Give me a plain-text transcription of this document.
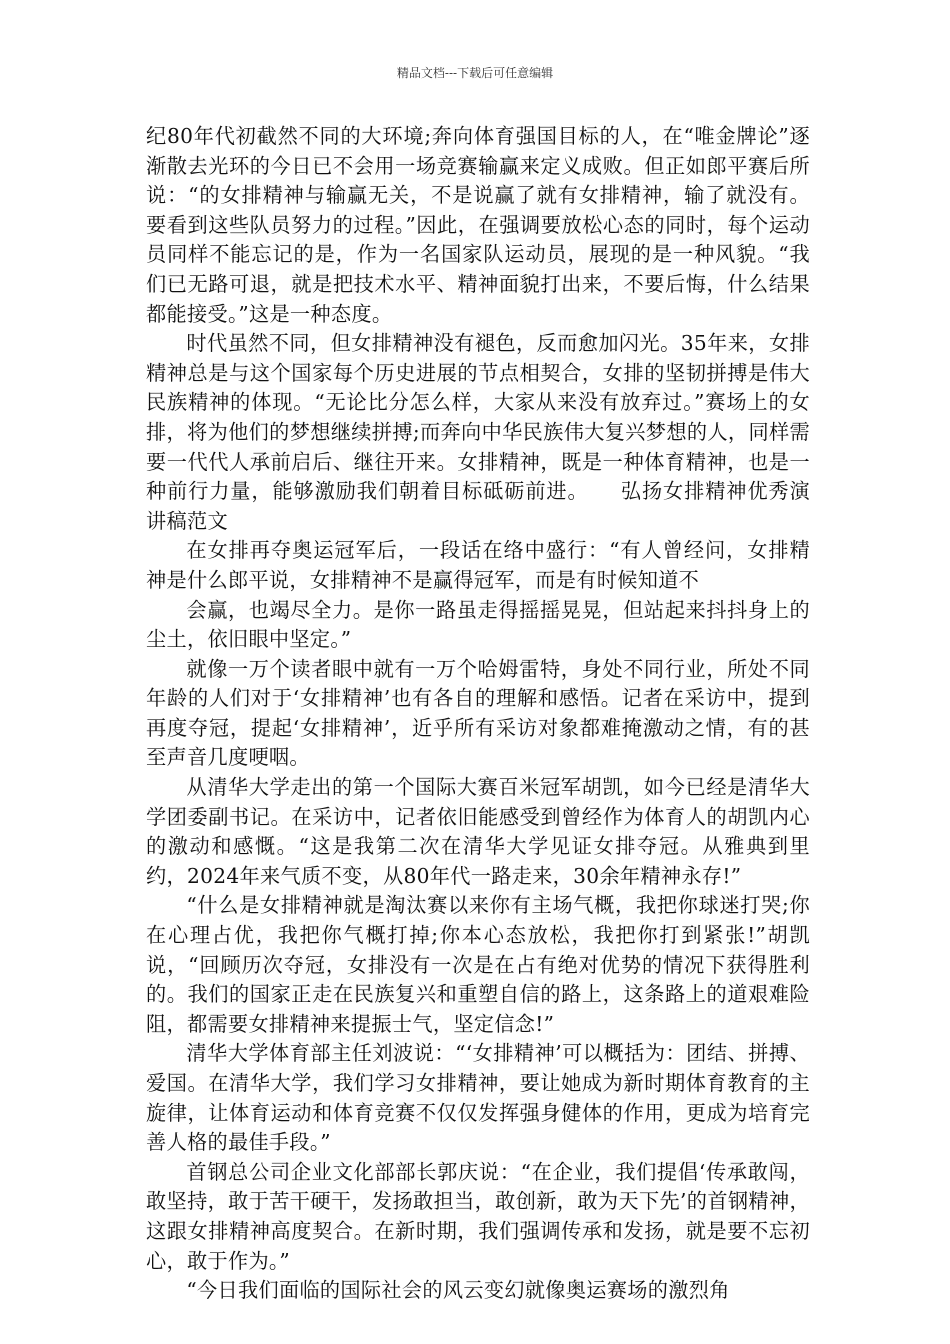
精品文档---下载后可任意编辑

纪80年代初截然不同的大环境;奔向体育强国目标的人，在“唯金牌论”逐渐散去光环的今日已不会用一场竞赛输赢来定义成败。但正如郎平赛后所说：“的女排精神与输赢无关，不是说赢了就有女排精神，输了就没有。要看到这些队员努力的过程。”因此，在强调要放松心态的同时，每个运动员同样不能忘记的是，作为一名国家队运动员，展现的是一种风貌。“我们已无路可退，就是把技术水平、精神面貌打出来，不要后悔，什么结果都能接受。”这是一种态度。

时代虽然不同，但女排精神没有褪色，反而愈加闪光。35年来，女排精神总是与这个国家每个历史进展的节点相契合，女排的坚韧拼搏是伟大民族精神的体现。“无论比分怎么样，大家从来没有放弃过。”赛场上的女排，将为他们的梦想继续拼搏;而奔向中华民族伟大复兴梦想的人，同样需要一代代人承前启后、继往开来。女排精神，既是一种体育精神，也是一种前行力量，能够激励我们朝着目标砥砺前进。 弘扬女排精神优秀演讲稿范文

在女排再夺奥运冠军后，一段话在络中盛行：“有人曾经问，女排精神是什么郎平说，女排精神不是赢得冠军，而是有时候知道不

会赢，也竭尽全力。是你一路虽走得摇摇晃晃，但站起来抖抖身上的尘土，依旧眼中坚定。”

就像一万个读者眼中就有一万个哈姆雷特，身处不同行业，所处不同年龄的人们对于‘女排精神’也有各自的理解和感悟。记者在采访中，提到再度夺冠，提起‘女排精神’，近乎所有采访对象都难掩激动之情，有的甚至声音几度哽咽。

从清华大学走出的第一个国际大赛百米冠军胡凯，如今已经是清华大学团委副书记。在采访中，记者依旧能感受到曾经作为体育人的胡凯内心的激动和感慨。“这是我第二次在清华大学见证女排夺冠。从雅典到里约，2024年来气质不变，从80年代一路走来，30余年精神永存!”

“什么是女排精神就是淘汰赛以来你有主场气概，我把你球迷打哭;你在心理占优，我把你气概打掉;你本心态放松，我把你打到紧张!”胡凯说，“回顾历次夺冠，女排没有一次是在占有绝对优势的情况下获得胜利的。我们的国家正走在民族复兴和重塑自信的路上，这条路上的道艰难险阻，都需要女排精神来提振士气，坚定信念!”

清华大学体育部主任刘波说：“‘女排精神’可以概括为：团结、拼搏、爱国。在清华大学，我们学习女排精神，要让她成为新时期体育教育的主旋律，让体育运动和体育竞赛不仅仅发挥强身健体的作用，更成为培育完善人格的最佳手段。”

首钢总公司企业文化部部长郭庆说：“在企业，我们提倡‘传承敢闯，敢坚持，敢于苦干硬干，发扬敢担当，敢创新，敢为天下先’的首钢精神，这跟女排精神高度契合。在新时期，我们强调传承和发扬，就是要不忘初心，敢于作为。”

“今日我们面临的国际社会的风云变幻就像奥运赛场的激烈角
